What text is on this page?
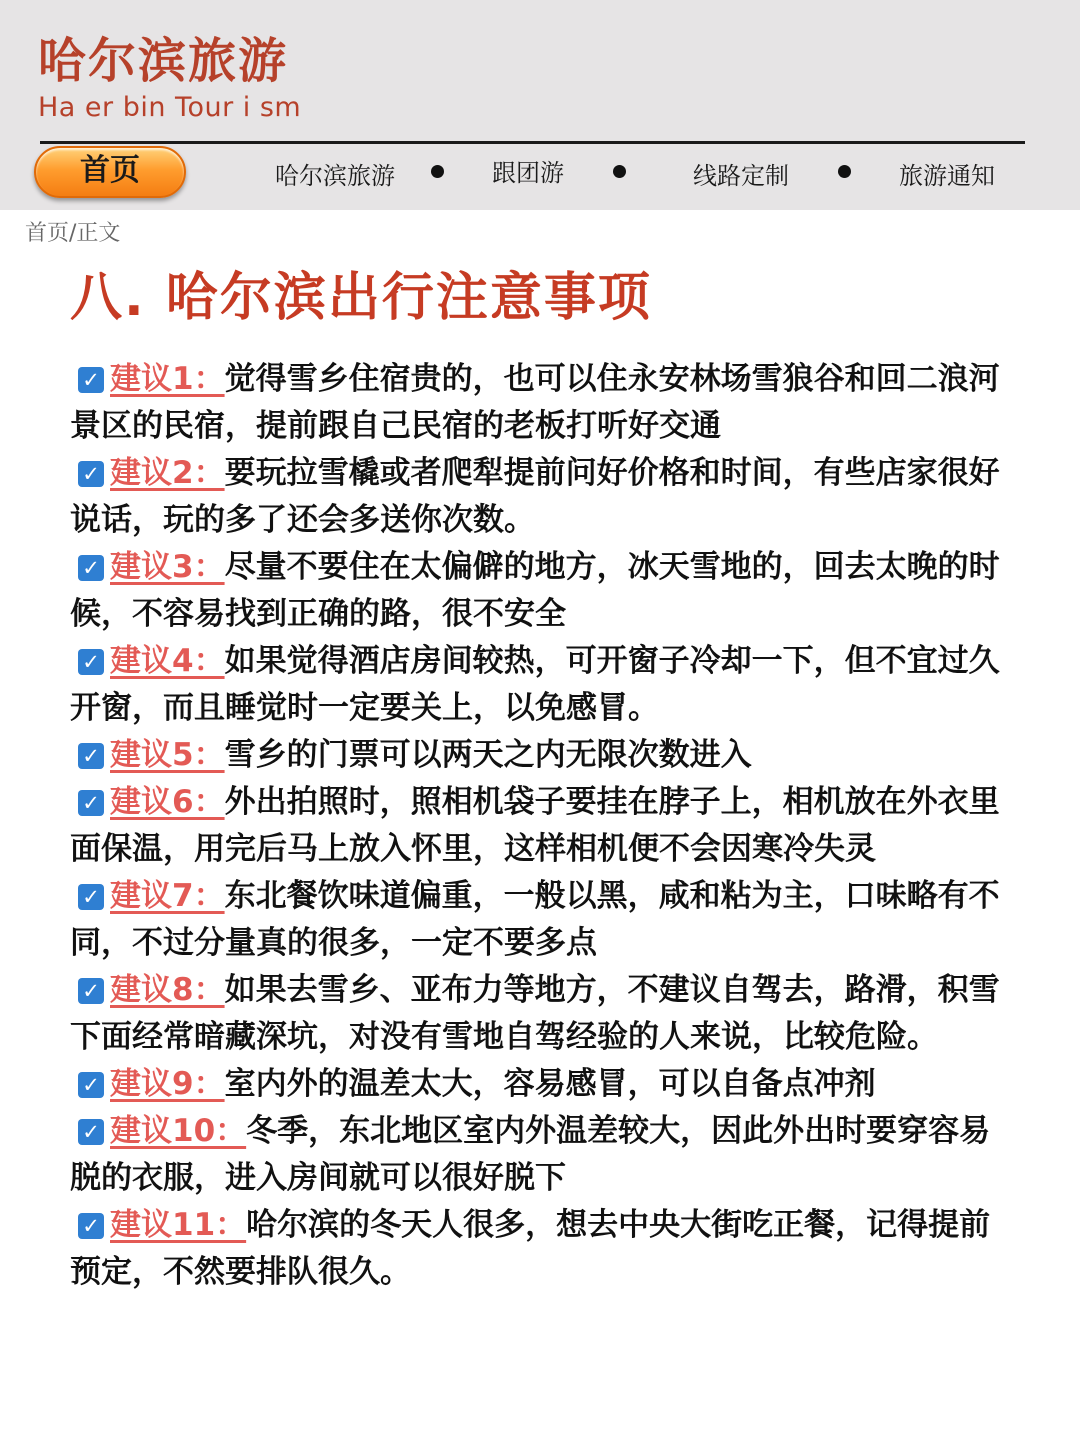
哈尔滨旅游
Ha er bin Tour i sm
首页	哈尔滨旅游	跟团游	线路定制	旅游通知
首页/正文
八. 哈尔滨出行注意事项
✓ 建议1：觉得雪乡住宿贵的，也可以住永安林场雪狼谷和回二浪河景区的民宿，提前跟自己民宿的老板打听好交通
✓ 建议2：要玩拉雪橇或者爬犁提前问好价格和时间，有些店家很好说话，玩的多了还会多送你次数。
✓ 建议3：尽量不要住在太偏僻的地方，冰天雪地的，回去太晚的时候，不容易找到正确的路，很不安全
✓ 建议4：如果觉得酒店房间较热，可开窗子冷却一下，但不宜过久开窗，而且睡觉时一定要关上，以免感冒。
✓ 建议5：雪乡的门票可以两天之内无限次数进入
✓ 建议6：外出拍照时，照相机袋子要挂在脖子上，相机放在外衣里面保温，用完后马上放入怀里，这样相机便不会因寒冷失灵
✓ 建议7：东北餐饮味道偏重，一般以黑，咸和粘为主，口味略有不同，不过分量真的很多，一定不要多点
✓ 建议8：如果去雪乡、亚布力等地方，不建议自驾去，路滑，积雪下面经常暗藏深坑，对没有雪地自驾经验的人来说，比较危险。
✓ 建议9：室内外的温差太大，容易感冒，可以自备点冲剂
✓ 建议10：冬季，东北地区室内外温差较大，因此外出时要穿容易脱的衣服，进入房间就可以很好脱下
✓ 建议11：哈尔滨的冬天人很多，想去中央大街吃正餐，记得提前预定，不然要排队很久。
